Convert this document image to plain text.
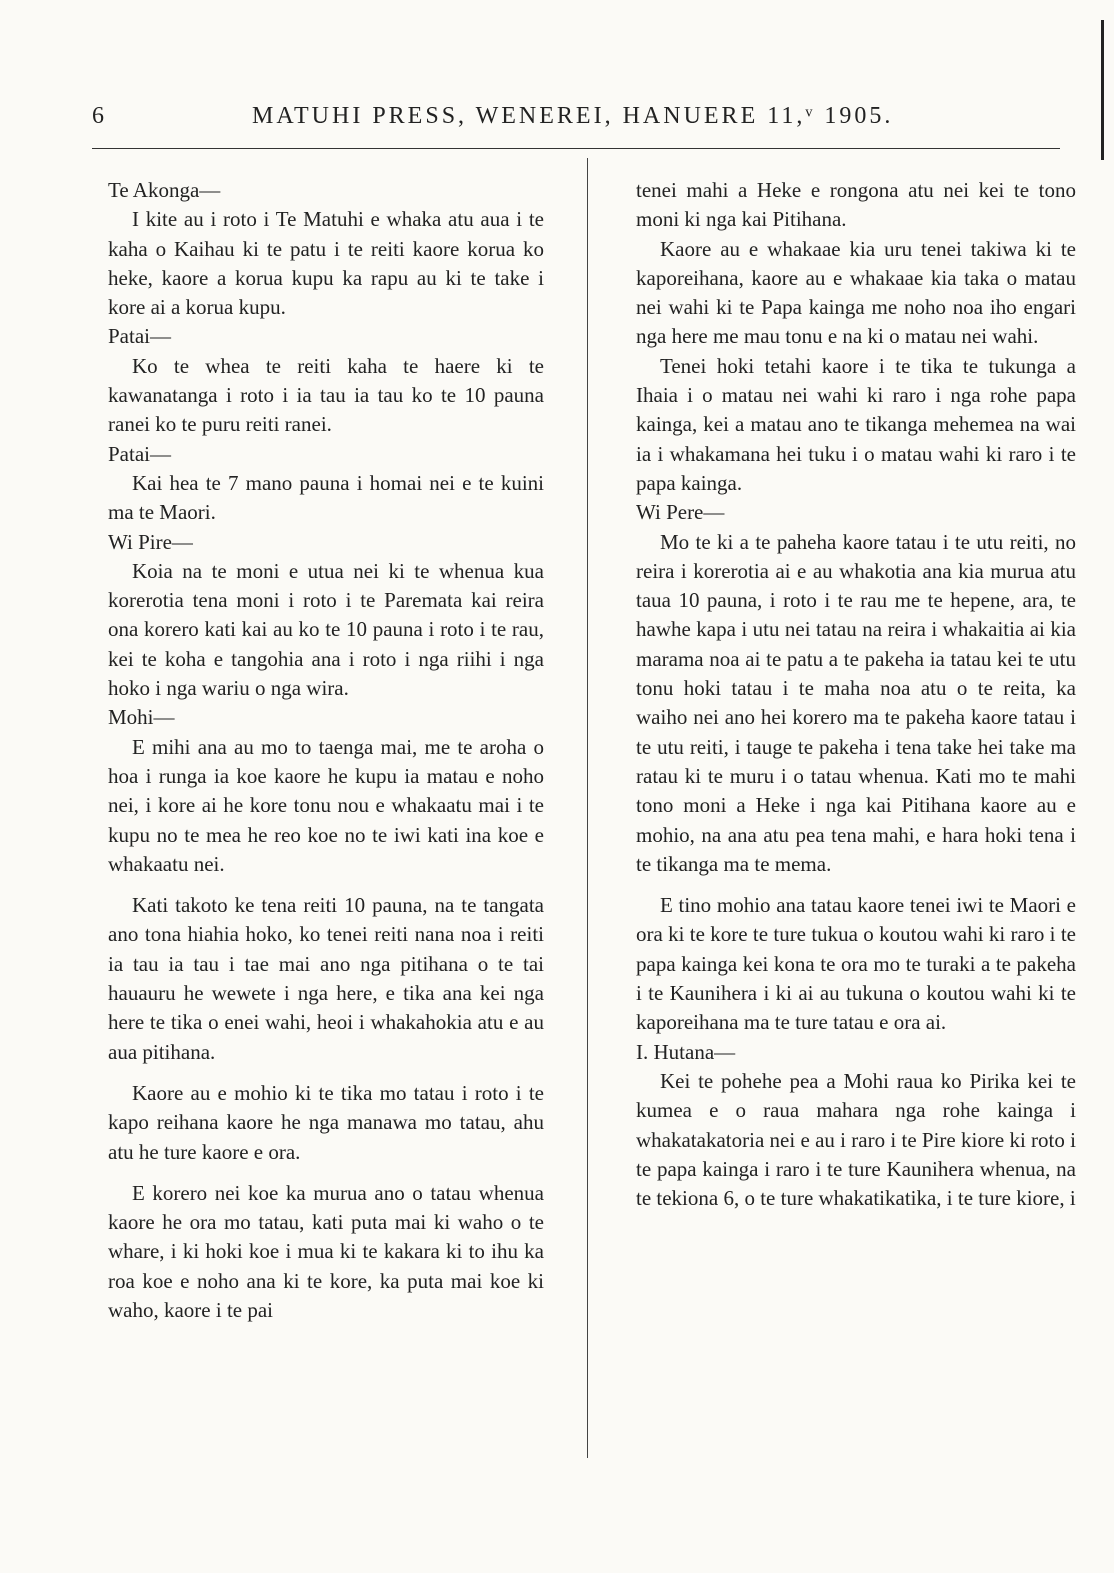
6	MATUHI PRESS, WENEREI, HANUERE 11,ᵛ 1905.

Te Akonga—

I kite au i roto i Te Matuhi e whaka atu aua i te kaha o Kaihau ki te patu i te reiti kaore korua ko heke, kaore a korua kupu ka rapu au ki te take i kore ai a korua kupu.

Patai—

Ko te whea te reiti kaha te haere ki te kawanatanga i roto i ia tau ia tau ko te 10 pauna ranei ko te puru reiti ranei.

Patai—

Kai hea te 7 mano pauna i homai nei e te kuini ma te Maori.

Wi Pire—

Koia na te moni e utua nei ki te whenua kua korerotia tena moni i roto i te Paremata kai reira ona korero kati kai au ko te 10 pauna i roto i te rau, kei te koha e tangohia ana i roto i nga riihi i nga hoko i nga wariu o nga wira.

Mohi—

E mihi ana au mo to taenga mai, me te aroha o hoa i runga ia koe kaore he kupu ia matau e noho nei, i kore ai he kore tonu nou e whakaatu mai i te kupu no te mea he reo koe no te iwi kati ina koe e whakaatu nei.

Kati takoto ke tena reiti 10 pauna, na te tangata ano tona hiahia hoko, ko tenei reiti nana noa i reiti ia tau ia tau i tae mai ano nga pitihana o te tai hauauru he wewete i nga here, e tika ana kei nga here te tika o enei wahi, heoi i whakahokia atu e au aua pitihana.

Kaore au e mohio ki te tika mo tatau i roto i te kapo reihana kaore he nga manawa mo tatau, ahu atu he ture kaore e ora.

E korero nei koe ka murua ano o tatau whenua kaore he ora mo tatau, kati puta mai ki waho o te whare, i ki hoki koe i mua ki te kakara ki to ihu ka roa koe e noho ana ki te kore, ka puta mai koe ki waho, kaore i te pai

tenei mahi a Heke e rongona atu nei kei te tono moni ki nga kai Pitihana.

Kaore au e whakaae kia uru tenei takiwa ki te kaporeihana, kaore au e whakaae kia taka o matau nei wahi ki te Papa kainga me noho noa iho engari nga here me mau tonu e na ki o matau nei wahi.

Tenei hoki tetahi kaore i te tika te tukunga a Ihaia i o matau nei wahi ki raro i nga rohe papa kainga, kei a matau ano te tikanga mehemea na wai ia i whakamana hei tuku i o matau wahi ki raro i te papa kainga.

Wi Pere—

Mo te ki a te paheha kaore tatau i te utu reiti, no reira i korerotia ai e au whakotia ana kia murua atu taua 10 pauna, i roto i te rau me te hepene, ara, te hawhe kapa i utu nei tatau na reira i whakaitia ai kia marama noa ai te patu a te pakeha ia tatau kei te utu tonu hoki tatau i te maha noa atu o te reita, ka waiho nei ano hei korero ma te pakeha kaore tatau i te utu reiti, i tauge te pakeha i tena take hei take ma ratau ki te muru i o tatau whenua. Kati mo te mahi tono moni a Heke i nga kai Pitihana kaore au e mohio, na ana atu pea tena mahi, e hara hoki tena i te tikanga ma te mema.

E tino mohio ana tatau kaore tenei iwi te Maori e ora ki te kore te ture tukua o koutou wahi ki raro i te papa kainga kei kona te ora mo te turaki a te pakeha i te Kaunihera i ki ai au tukuna o koutou wahi ki te kaporeihana ma te ture tatau e ora ai.

I. Hutana—

Kei te pohehe pea a Mohi raua ko Pirika kei te kumea e o raua mahara nga rohe kainga i whakatakatoria nei e au i raro i te Pire kiore ki roto i te papa kainga i raro i te ture Kaunihera whenua, na te tekiona 6, o te ture whakatikatika, i te ture kiore, i
